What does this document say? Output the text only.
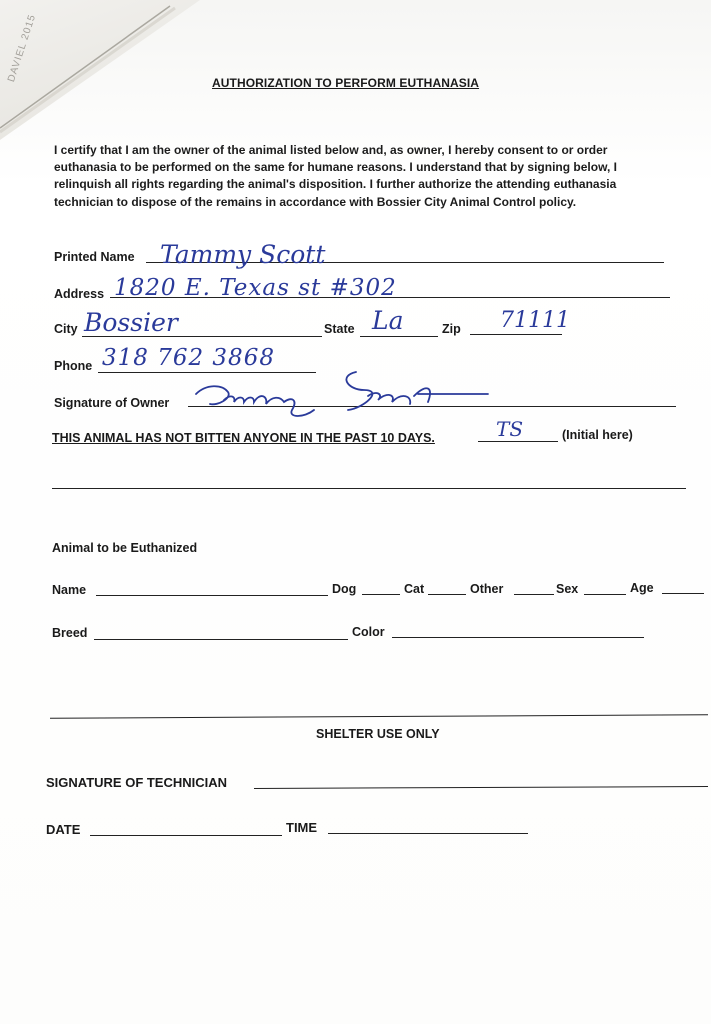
DAVIEL 2015	AUTHORIZATION TO PERFORM EUTHANASIA
I certify that I am the owner of the animal listed below and, as owner, I hereby consent to or order euthanasia to be performed on the same for humane reasons. I understand that by signing below, I relinquish all rights regarding the animal's disposition. I further authorize the attending euthanasia technician to dispose of the remains in accordance with Bossier City Animal Control policy.
Printed Name Tammy Scott
Address 1820 E. Texas st #302
City Bossier	State La	Zip 71111
Phone 318 762 3868
Signature of Owner
THIS ANIMAL HAS NOT BITTEN ANYONE IN THE PAST 10 DAYS.	TS	(Initial here)
Animal to be Euthanized
Name	Dog	Cat	Other	Sex	Age
Breed	Color
SHELTER USE ONLY
SIGNATURE OF TECHNICIAN
DATE	TIME
